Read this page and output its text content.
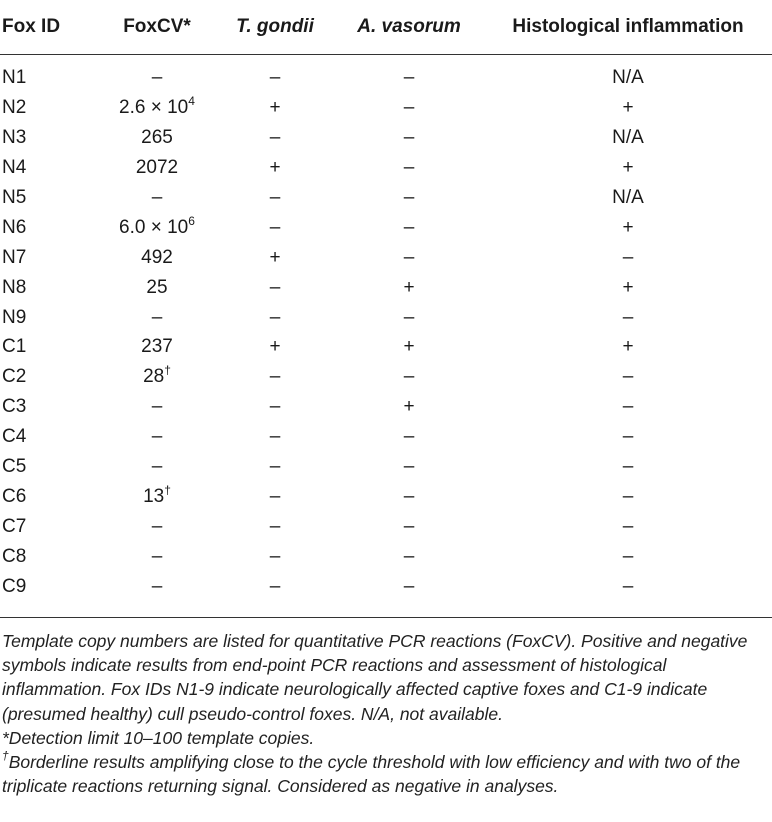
Fox ID	FoxCV*	T. gondii	A. vasorum	Histological inflammation
N1	–	–	–	N/A
N2	$2.6 \times 10^4$	+	–	+
N3	265	–	–	N/A
N4	2072	+	–	+
N5	–	–	–	N/A
N6	$6.0 \times 10^6$	–	–	+
N7	492	+	–	–
N8	25	–	+	+
N9	–	–	–	–
C1	237	+	+	+
C2	28†	–	–	–
C3	–	–	+	–
C4	–	–	–	–
C5	–	–	–	–
C6	13†	–	–	–
C7	–	–	–	–
C8	–	–	–	–
C9	–	–	–	–

Template copy numbers are listed for quantitative PCR reactions (FoxCV). Positive and negative symbols indicate results from end-point PCR reactions and assessment of histological inflammation. Fox IDs N1-9 indicate neurologically affected captive foxes and C1-9 indicate (presumed healthy) cull pseudo-control foxes. N/A, not available.

*Detection limit 10–100 template copies.

†Borderline results amplifying close to the cycle threshold with low efficiency and with two of the triplicate reactions returning signal. Considered as negative in analyses.
